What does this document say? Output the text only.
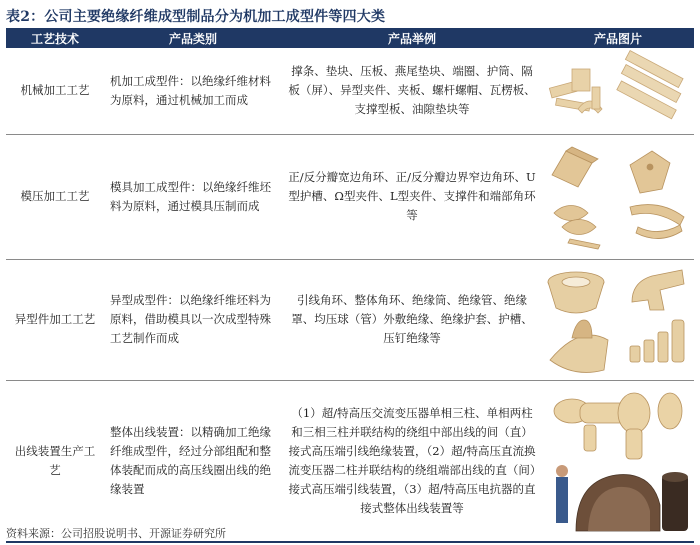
表2：公司主要绝缘纤维成型制品分为机加工成型件等四大类
工艺技术	产品类别	产品举例	产品图片
机械加工工艺	机加工成型件：以绝缘纤维材料为原料，通过机械加工而成	撑条、垫块、压板、燕尾垫块、端圈、护筒、隔板（屏）、异型夹件、夹板、螺杆螺帽、瓦楞板、支撑型板、油隙垫块等	

模压加工工艺	模具加工成型件：以绝缘纤维坯料为原料，通过模具压制而成	正/反分瓣宽边角环、正/反分瓣边界窄边角环、U型护槽、Ω型夹件、L型夹件、支撑件和端部角环等	

异型件加工工艺	异型成型件：以绝缘纤维坯料为原料，借助模具以一次成型特殊工艺制作而成	引线角环、整体角环、绝缘筒、绝缘管、绝缘罩、均压球（管）外敷绝缘、绝缘护套、护槽、压钉绝缘等	

出线装置生产工艺	整体出线装置：以精确加工绝缘纤维成型件，经过分部组配和整体装配而成的高压线圈出线的绝缘装置	（1）超/特高压交流变压器单相三柱、单相两柱和三相三柱并联结构的绕组中部出线的间（直）接式高压端引线绝缘装置，（2）超/特高压直流换流变压器二柱并联结构的绕组端部出线的直（间）接式高压端引线装置，（3）超/特高压电抗器的直接式整体出线装置等	
资料来源：公司招股说明书、开源证券研究所
